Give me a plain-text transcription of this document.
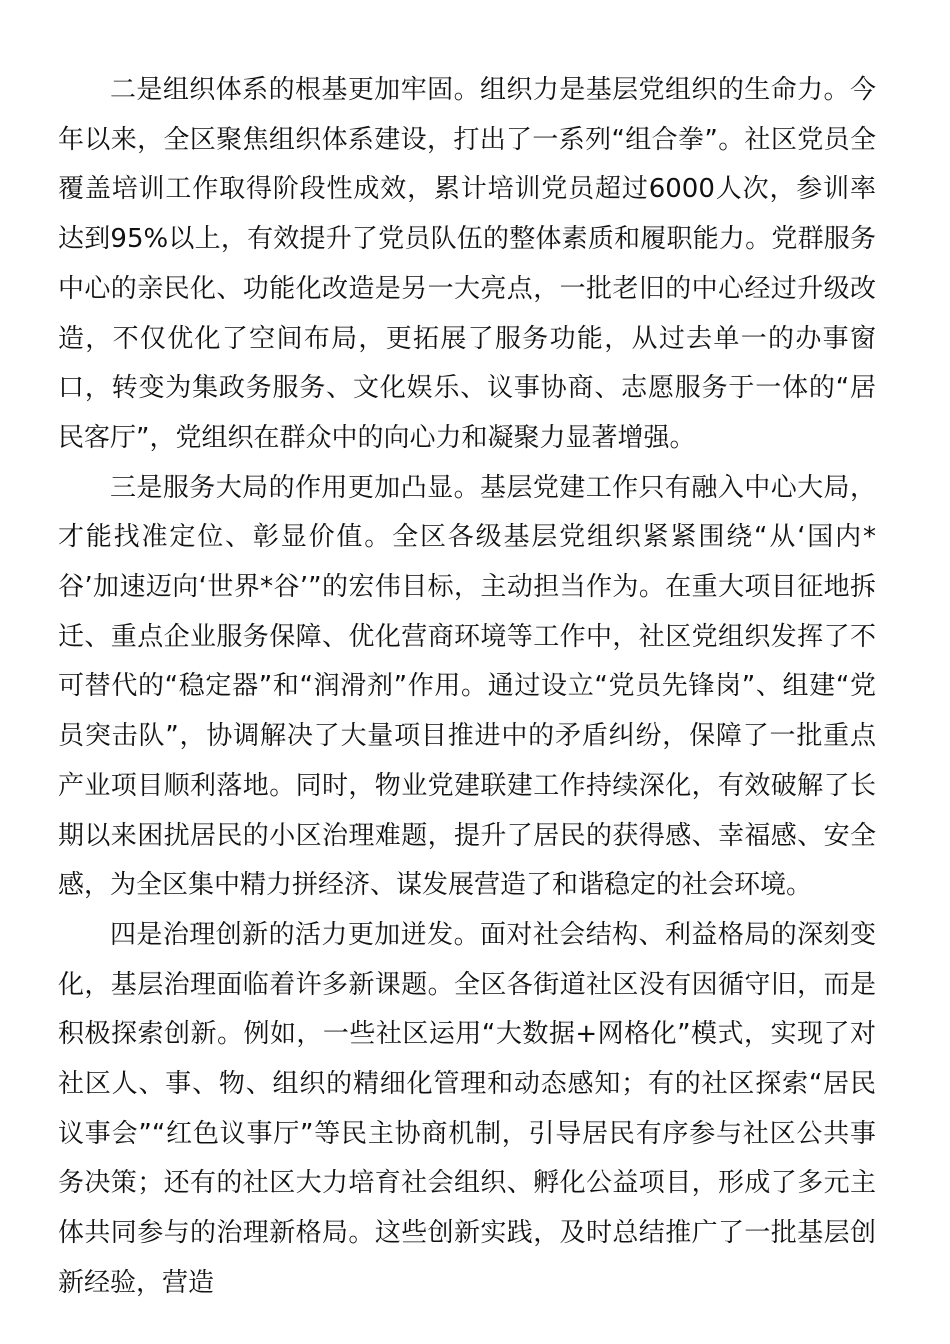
二是组织体系的根基更加牢固。组织力是基层党组织的生命力。今年以来，全区聚焦组织体系建设，打出了一系列“组合拳”。社区党员全覆盖培训工作取得阶段性成效，累计培训党员超过6000人次，参训率达到95%以上，有效提升了党员队伍的整体素质和履职能力。党群服务中心的亲民化、功能化改造是另一大亮点，一批老旧的中心经过升级改造，不仅优化了空间布局，更拓展了服务功能，从过去单一的办事窗口，转变为集政务服务、文化娱乐、议事协商、志愿服务于一体的“居民客厅”，党组织在群众中的向心力和凝聚力显著增强。

三是服务大局的作用更加凸显。基层党建工作只有融入中心大局，才能找准定位、彰显价值。全区各级基层党组织紧紧围绕“从‘国内*谷’加速迈向‘世界*谷’”的宏伟目标，主动担当作为。在重大项目征地拆迁、重点企业服务保障、优化营商环境等工作中，社区党组织发挥了不可替代的“稳定器”和“润滑剂”作用。通过设立“党员先锋岗”、组建“党员突击队”，协调解决了大量项目推进中的矛盾纠纷，保障了一批重点产业项目顺利落地。同时，物业党建联建工作持续深化，有效破解了长期以来困扰居民的小区治理难题，提升了居民的获得感、幸福感、安全感，为全区集中精力拼经济、谋发展营造了和谐稳定的社会环境。

四是治理创新的活力更加迸发。面对社会结构、利益格局的深刻变化，基层治理面临着许多新课题。全区各街道社区没有因循守旧，而是积极探索创新。例如，一些社区运用“大数据+网格化”模式，实现了对社区人、事、物、组织的精细化管理和动态感知；有的社区探索“居民议事会”“红色议事厅”等民主协商机制，引导居民有序参与社区公共事务决策；还有的社区大力培育社会组织、孵化公益项目，形成了多元主体共同参与的治理新格局。这些创新实践，及时总结推广了一批基层创新经验，营造
